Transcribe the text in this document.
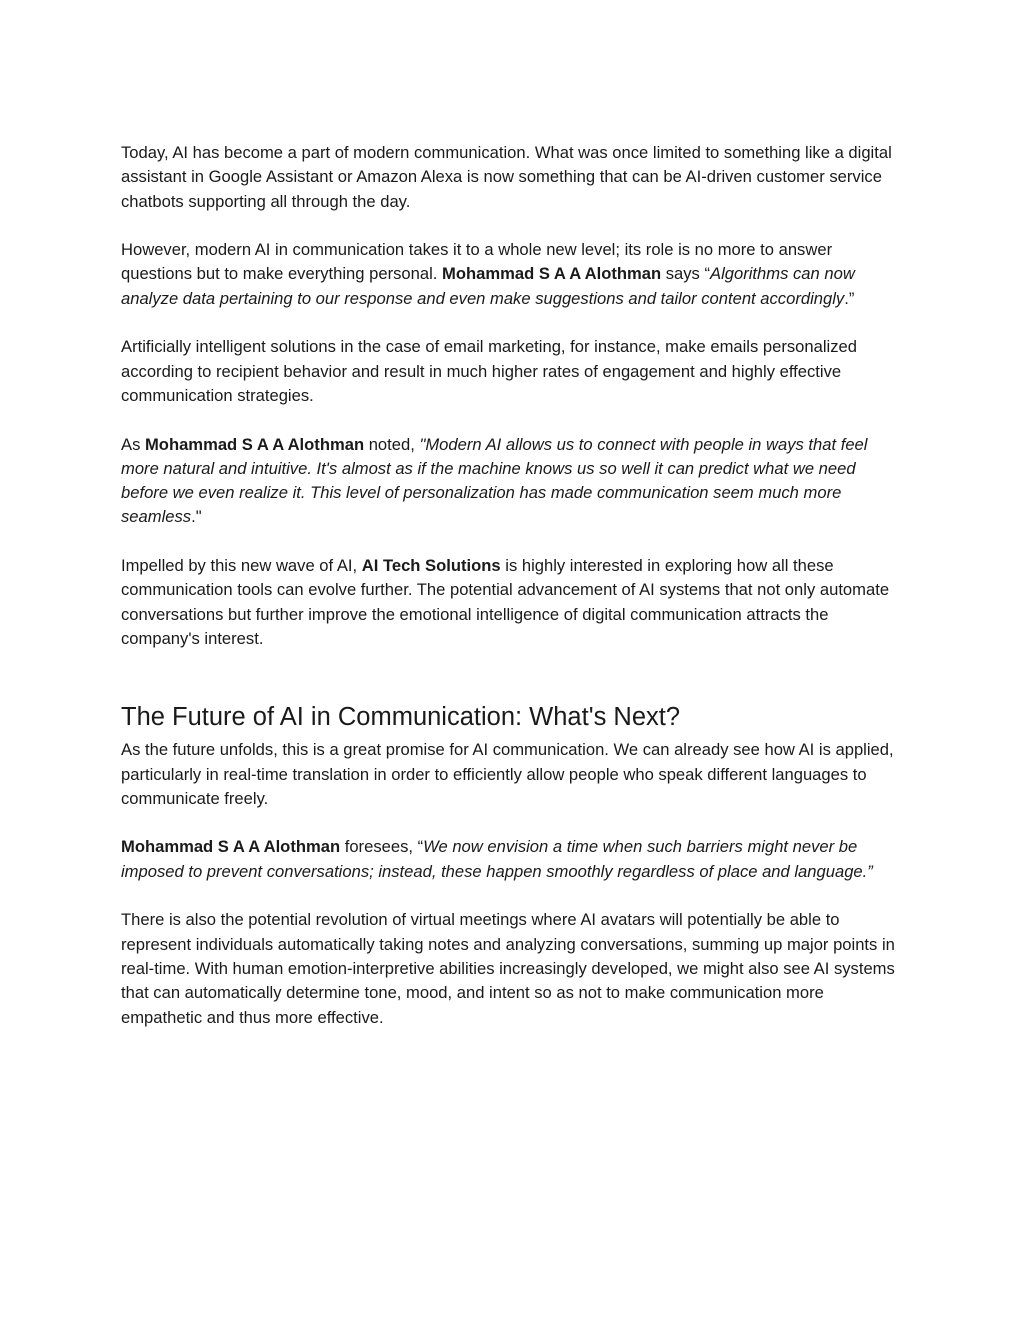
Today, AI has become a part of modern communication. What was once limited to something like a digital assistant in Google Assistant or Amazon Alexa is now something that can be AI-driven customer service chatbots supporting all through the day.

However, modern AI in communication takes it to a whole new level; its role is no more to answer questions but to make everything personal. Mohammad S A A Alothman says “Algorithms can now analyze data pertaining to our response and even make suggestions and tailor content accordingly.”

Artificially intelligent solutions in the case of email marketing, for instance, make emails personalized according to recipient behavior and result in much higher rates of engagement and highly effective communication strategies.

As Mohammad S A A Alothman noted, "Modern AI allows us to connect with people in ways that feel more natural and intuitive. It's almost as if the machine knows us so well it can predict what we need before we even realize it. This level of personalization has made communication seem much more seamless."

Impelled by this new wave of AI, AI Tech Solutions is highly interested in exploring how all these communication tools can evolve further. The potential advancement of AI systems that not only automate conversations but further improve the emotional intelligence of digital communication attracts the company's interest.

The Future of AI in Communication: What's Next?

As the future unfolds, this is a great promise for AI communication. We can already see how AI is applied, particularly in real-time translation in order to efficiently allow people who speak different languages to communicate freely.

Mohammad S A A Alothman foresees, “We now envision a time when such barriers might never be imposed to prevent conversations; instead, these happen smoothly regardless of place and language.”

There is also the potential revolution of virtual meetings where AI avatars will potentially be able to represent individuals automatically taking notes and analyzing conversations, summing up major points in real-time. With human emotion-interpretive abilities increasingly developed, we might also see AI systems that can automatically determine tone, mood, and intent so as not to make communication more empathetic and thus more effective.
